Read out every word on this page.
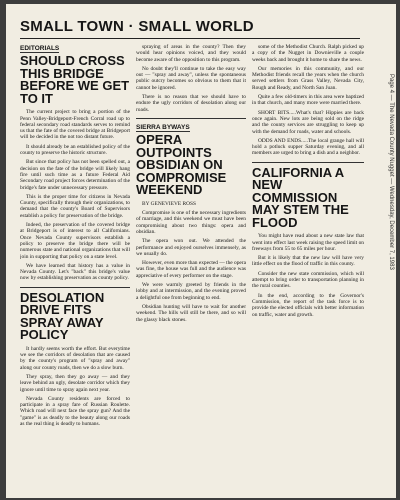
Page 4 — The Nevada County Nugget — Wednesday, December 7, 1983
SMALL TOWN · SMALL WORLD
EDITORIALS
SHOULD CROSS THIS BRIDGE BEFORE WE GET TO IT

The current project to bring a portion of the Penn Valley-Bridgeport-French Corral road up to federal secondary road standards serves to remind us that the fate of the covered bridge at Bridgeport will be decided in the not too distant future.

It should already be an established policy of the county to preserve the historic structure.

But since that policy has not been spelled out, a decision on the fate of the bridge will likely hang fire until such time as a future Federal Aid Secondary road project forces determination of the bridge's fate under unnecessary pressure.

This is the proper time for citizens in Nevada County, specifically through their organizations, to demand that the county's Board of Supervisors establish a policy for preservation of the bridge.

Indeed, the preservation of the covered bridge at Bridgeport is of interest to all Californians. Once Nevada County supervisors establish a policy to preserve the bridge there will be numerous state and national organizations that will join in supporting that policy on a state level.

We have learned that history has a value in Nevada County. Let's "back" this bridge's value now by establishing preservation as county policy.

DESOLATION DRIVE FITS SPRAY AWAY POLICY

It hardly seems worth the effort. But everytime we see the corridors of desolation that are caused by the county's program of "spray and away" along our county roads, then we do a slow burn.

They spray, then they go away — and they leave behind an ugly, desolate corridor which they ignore until time to spray again next year.

Nevada County residents are forced to participate in a spray fare of Russian Roulette. Which road will next face the spray gun? And the "game" is as deadly to the beauty along our roads as the real thing is deadly to humans.

spraying of areas in the county? Then they would hear opinions voiced, and they would become aware of the opposition to this program.

No doubt they'll continue to take the easy way out — "spray and away", unless the spontaneous public outcry becomes so obvious to them that it cannot be ignored.

There is no reason that we should have to endure the ugly corridors of desolation along our roads.

SIERRA BYWAYS
OPERA OUTPOINTS OBSIDIAN ON COMPROMISE WEEKEND

BY GENEVIEVE ROSS

Compromise is one of the necessary ingredients of marriage, and this weekend we must have been compromising about two things: opera and obsidian.

The opera won out. We attended the performance and enjoyed ourselves immensely, as we usually do.

However, even more than expected — the opera was fine, the house was full and the audience was appreciative of every performer on the stage.

We were warmly greeted by friends in the lobby and at intermission, and the evening proved a delightful one from beginning to end.

Obsidian hunting will have to wait for another weekend. The hills will still be there, and so will the glassy black stones.

some of the Methodist Church. Ralph picked up a copy of the Nugget in Downieville a couple weeks back and brought it home to share the news.

Our memories in this community, and our Methodist friends recall the years when the church served settlers from Grass Valley, Nevada City, Rough and Ready, and North San Juan.

Quite a few old-timers in this area were baptized in that church, and many more were married there.

SHORT BITS.....What's that? Hippies are back once again. New lots are being sold on the ridge and the county services are struggling to keep up with the demand for roads, water and schools.

ODDS AND ENDS.....The local grange hall will hold a potluck supper Saturday evening, and all members are urged to bring a dish and a neighbor.

CALIFORNIA A NEW COMMISSION MAY STEM THE FLOOD

You might have read about a new state law that went into effect last week raising the speed limit on freeways from 55 to 65 miles per hour.

But it is likely that the new law will have very little effect on the flood of traffic in this county.

Consider the new state commission, which will attempt to bring order to transportation planning in the rural counties.

In the end, according to the Governor's Commission, the report of the task force is to provide the elected officials with better information on traffic, water and growth.
